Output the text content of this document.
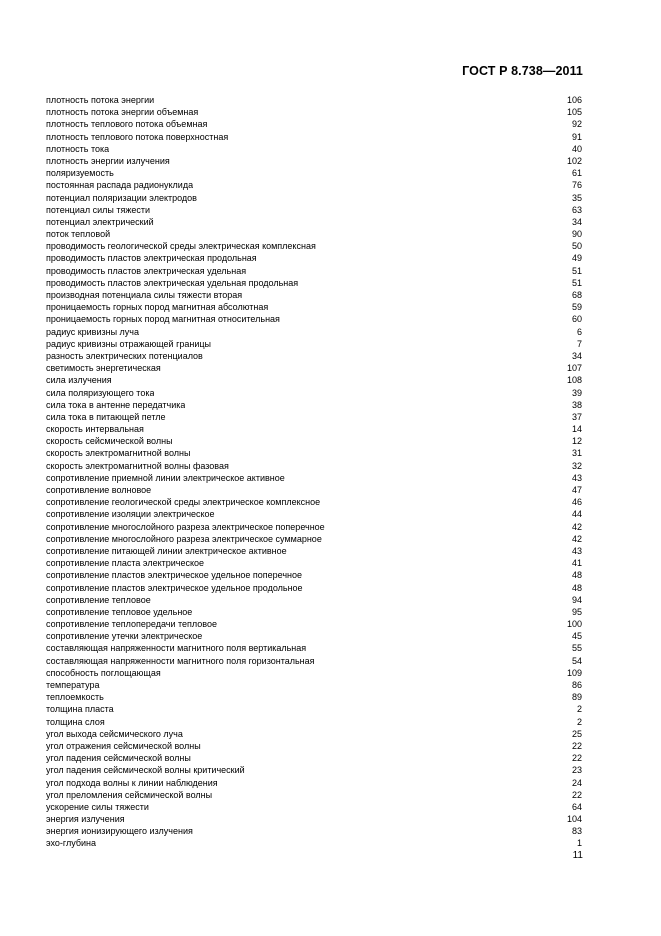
ГОСТ Р 8.738—2011
плотность потока энергии	106
плотность потока энергии объемная	105
плотность теплового потока объемная	92
плотность теплового потока поверхностная	91
плотность тока	40
плотность энергии излучения	102
поляризуемость	61
постоянная распада радионуклида	76
потенциал поляризации электродов	35
потенциал силы тяжести	63
потенциал электрический	34
поток тепловой	90
проводимость геологической среды электрическая комплексная	50
проводимость пластов электрическая продольная	49
проводимость пластов электрическая удельная	51
проводимость пластов электрическая удельная продольная	51
производная потенциала силы тяжести вторая	68
проницаемость горных пород магнитная абсолютная	59
проницаемость горных пород магнитная относительная	60
радиус кривизны луча	6
радиус кривизны отражающей границы	7
разность электрических потенциалов	34
светимость энергетическая	107
сила излучения	108
сила поляризующего тока	39
сила тока в антенне передатчика	38
сила тока в питающей петле	37
скорость интервальная	14
скорость сейсмической волны	12
скорость электромагнитной волны	31
скорость электромагнитной волны фазовая	32
сопротивление приемной линии электрическое активное	43
сопротивление волновое	47
сопротивление геологической среды электрическое комплексное	46
сопротивление изоляции электрическое	44
сопротивление многослойного разреза электрическое поперечное	42
сопротивление многослойного разреза электрическое суммарное	42
сопротивление питающей линии электрическое активное	43
сопротивление пласта электрическое	41
сопротивление пластов электрическое удельное поперечное	48
сопротивление пластов электрическое удельное продольное	48
сопротивление тепловое	94
сопротивление тепловое удельное	95
сопротивление теплопередачи тепловое	100
сопротивление утечки электрическое	45
составляющая напряженности магнитного поля вертикальная	55
составляющая напряженности магнитного поля горизонтальная	54
способность поглощающая	109
температура	86
теплоемкость	89
толщина пласта	2
толщина слоя	2
угол выхода сейсмического луча	25
угол отражения сейсмической волны	22
угол падения сейсмической волны	22
угол падения сейсмической волны критический	23
угол подхода волны к линии наблюдения	24
угол преломления сейсмической волны	22
ускорение силы тяжести	64
энергия излучения	104
энергия ионизирующего излучения	83
эхо-глубина	1
11
